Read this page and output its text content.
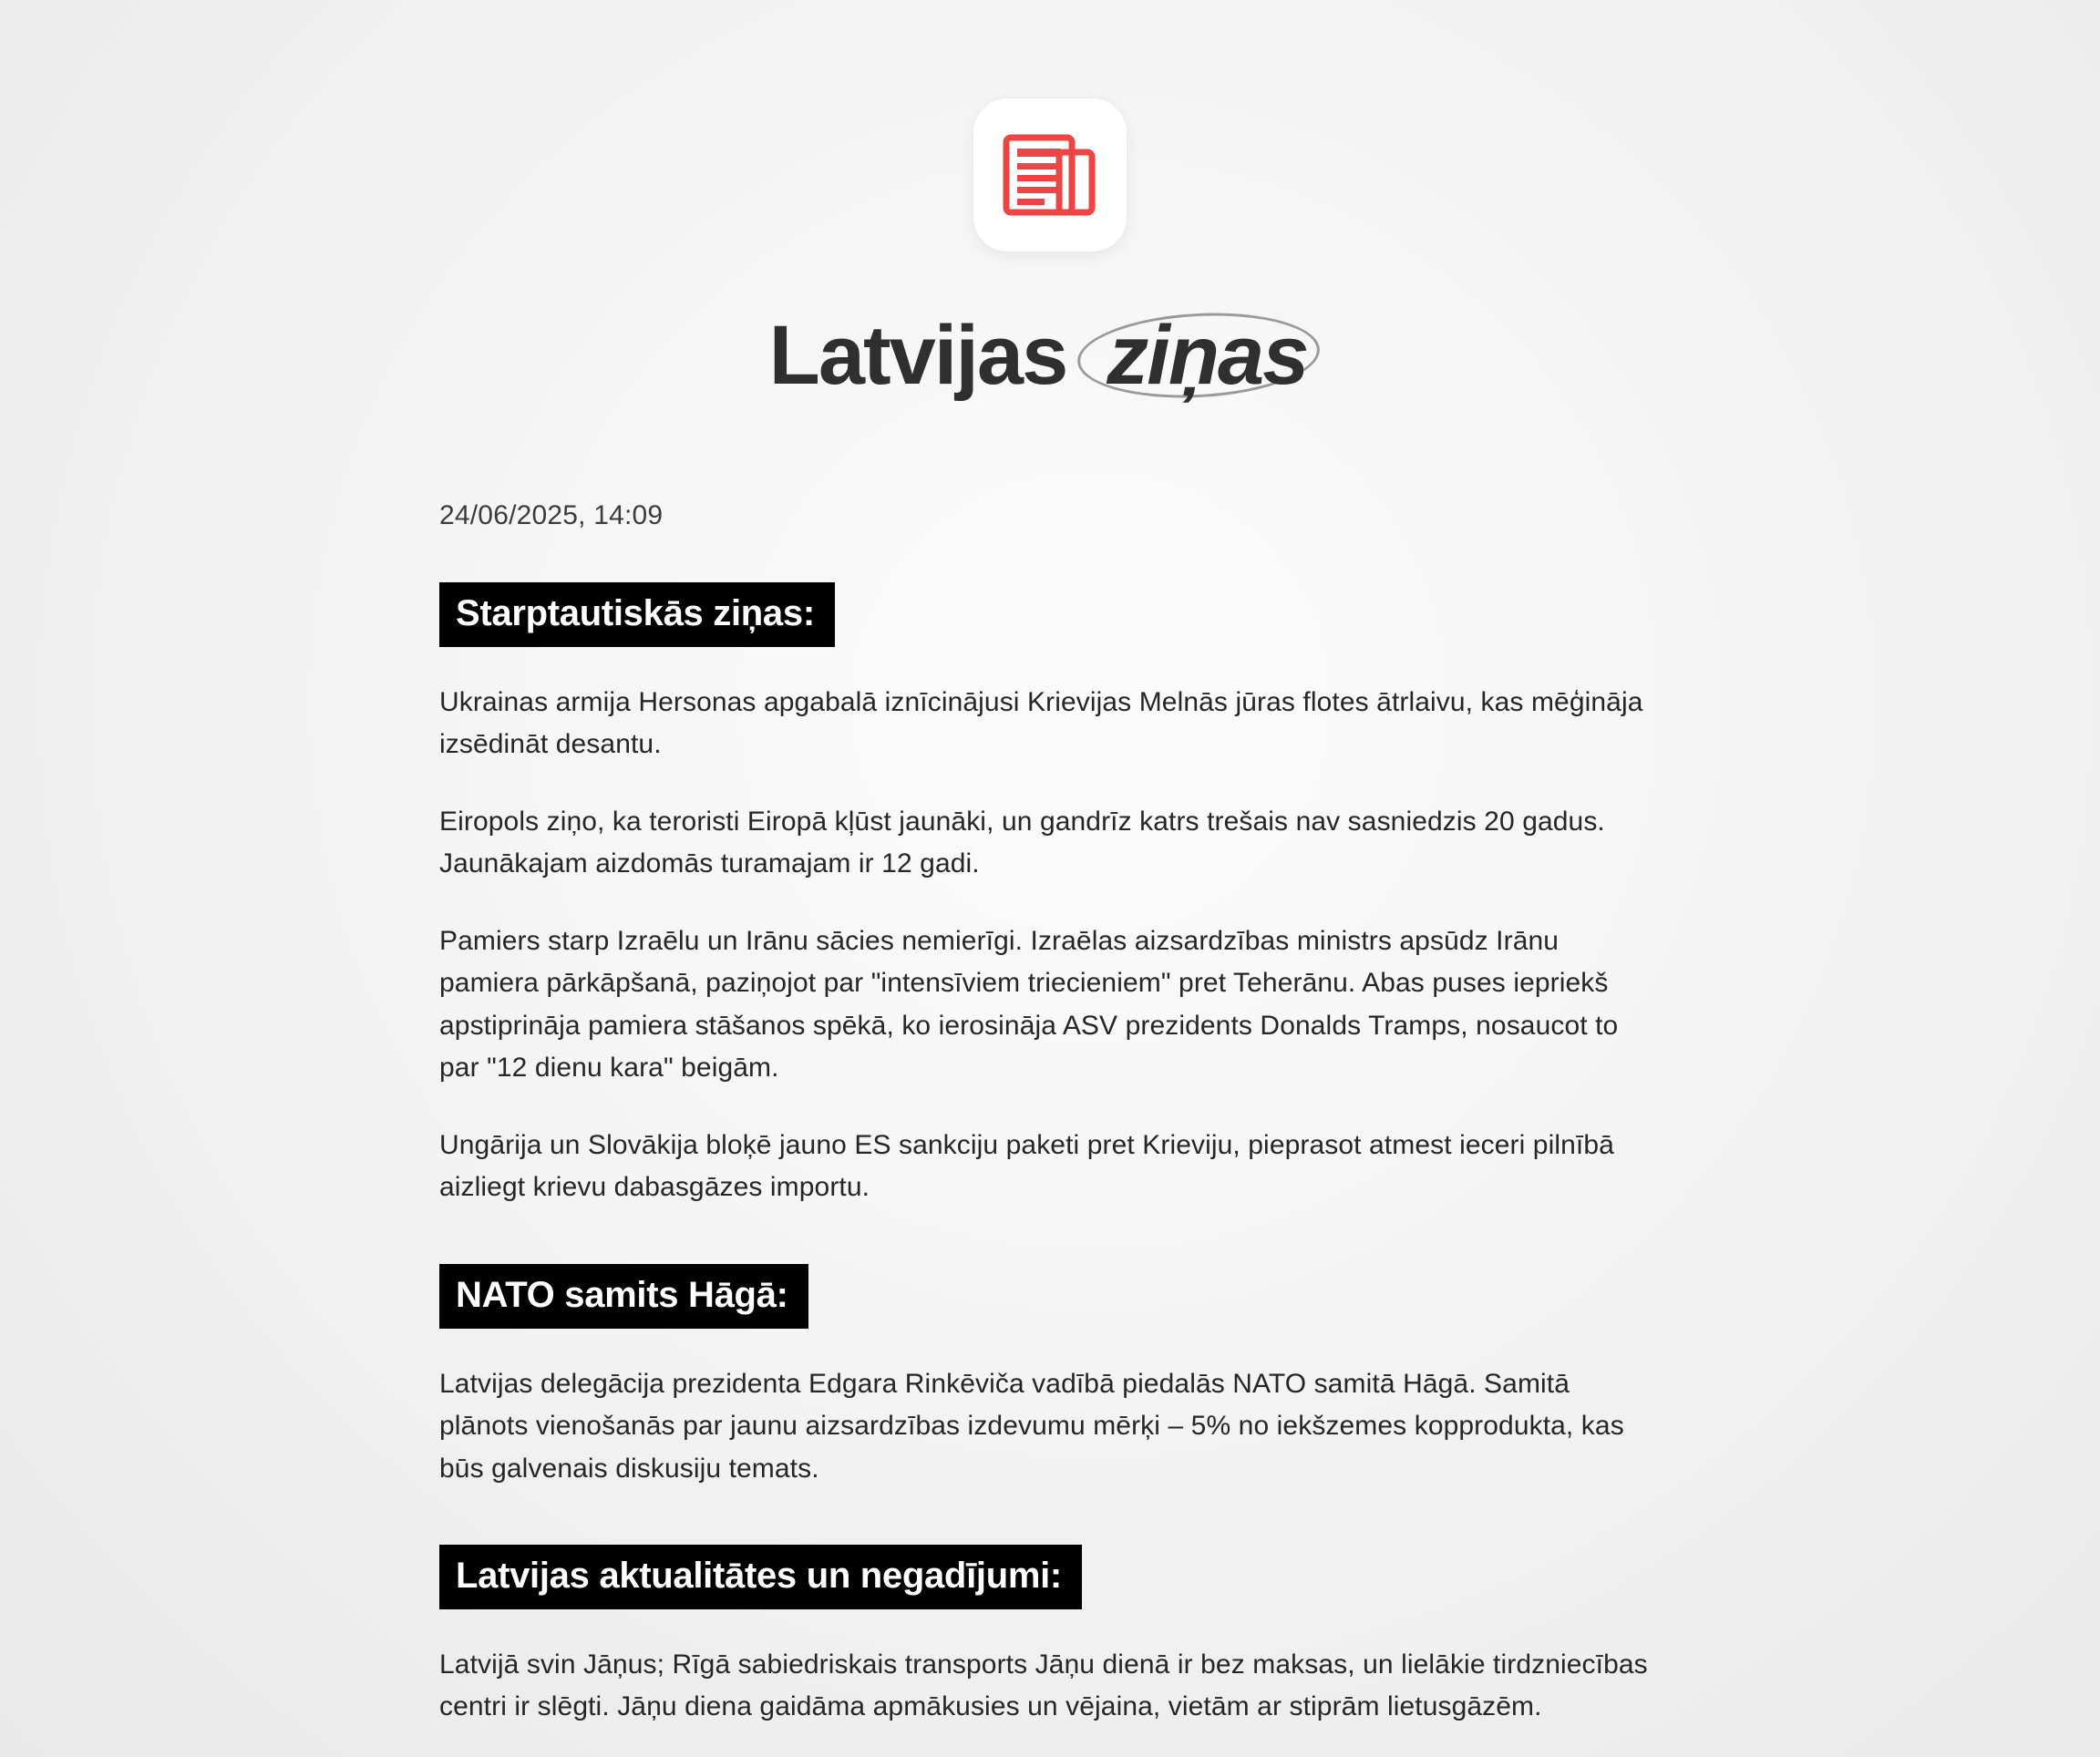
Latvijas ziņas

24/06/2025, 14:09

Starptautiskās ziņas:

Ukrainas armija Hersonas apgabalā iznīcinājusi Krievijas Melnās jūras flotes ātrlaivu, kas mēģināja izsēdināt desantu.

Eiropols ziņo, ka teroristi Eiropā kļūst jaunāki, un gandrīz katrs trešais nav sasniedzis 20 gadus. Jaunākajam aizdomās turamajam ir 12 gadi.

Pamiers starp Izraēlu un Irānu sācies nemierīgi. Izraēlas aizsardzības ministrs apsūdz Irānu pamiera pārkāpšanā, paziņojot par "intensīviem triecieniem" pret Teherānu. Abas puses iepriekš apstiprināja pamiera stāšanos spēkā, ko ierosināja ASV prezidents Donalds Tramps, nosaucot to par "12 dienu kara" beigām.

Ungārija un Slovākija bloķē jauno ES sankciju paketi pret Krieviju, pieprasot atmest ieceri pilnībā aizliegt krievu dabasgāzes importu.

NATO samits Hāgā:

Latvijas delegācija prezidenta Edgara Rinkēviča vadībā piedalās NATO samitā Hāgā. Samitā plānots vienošanās par jaunu aizsardzības izdevumu mērķi – 5% no iekšzemes kopprodukta, kas būs galvenais diskusiju temats.

Latvijas aktualitātes un negadījumi:

Latvijā svin Jāņus; Rīgā sabiedriskais transports Jāņu dienā ir bez maksas, un lielākie tirdzniecības centri ir slēgti. Jāņu diena gaidāma apmākusies un vējaina, vietām ar stiprām lietusgāzēm.
